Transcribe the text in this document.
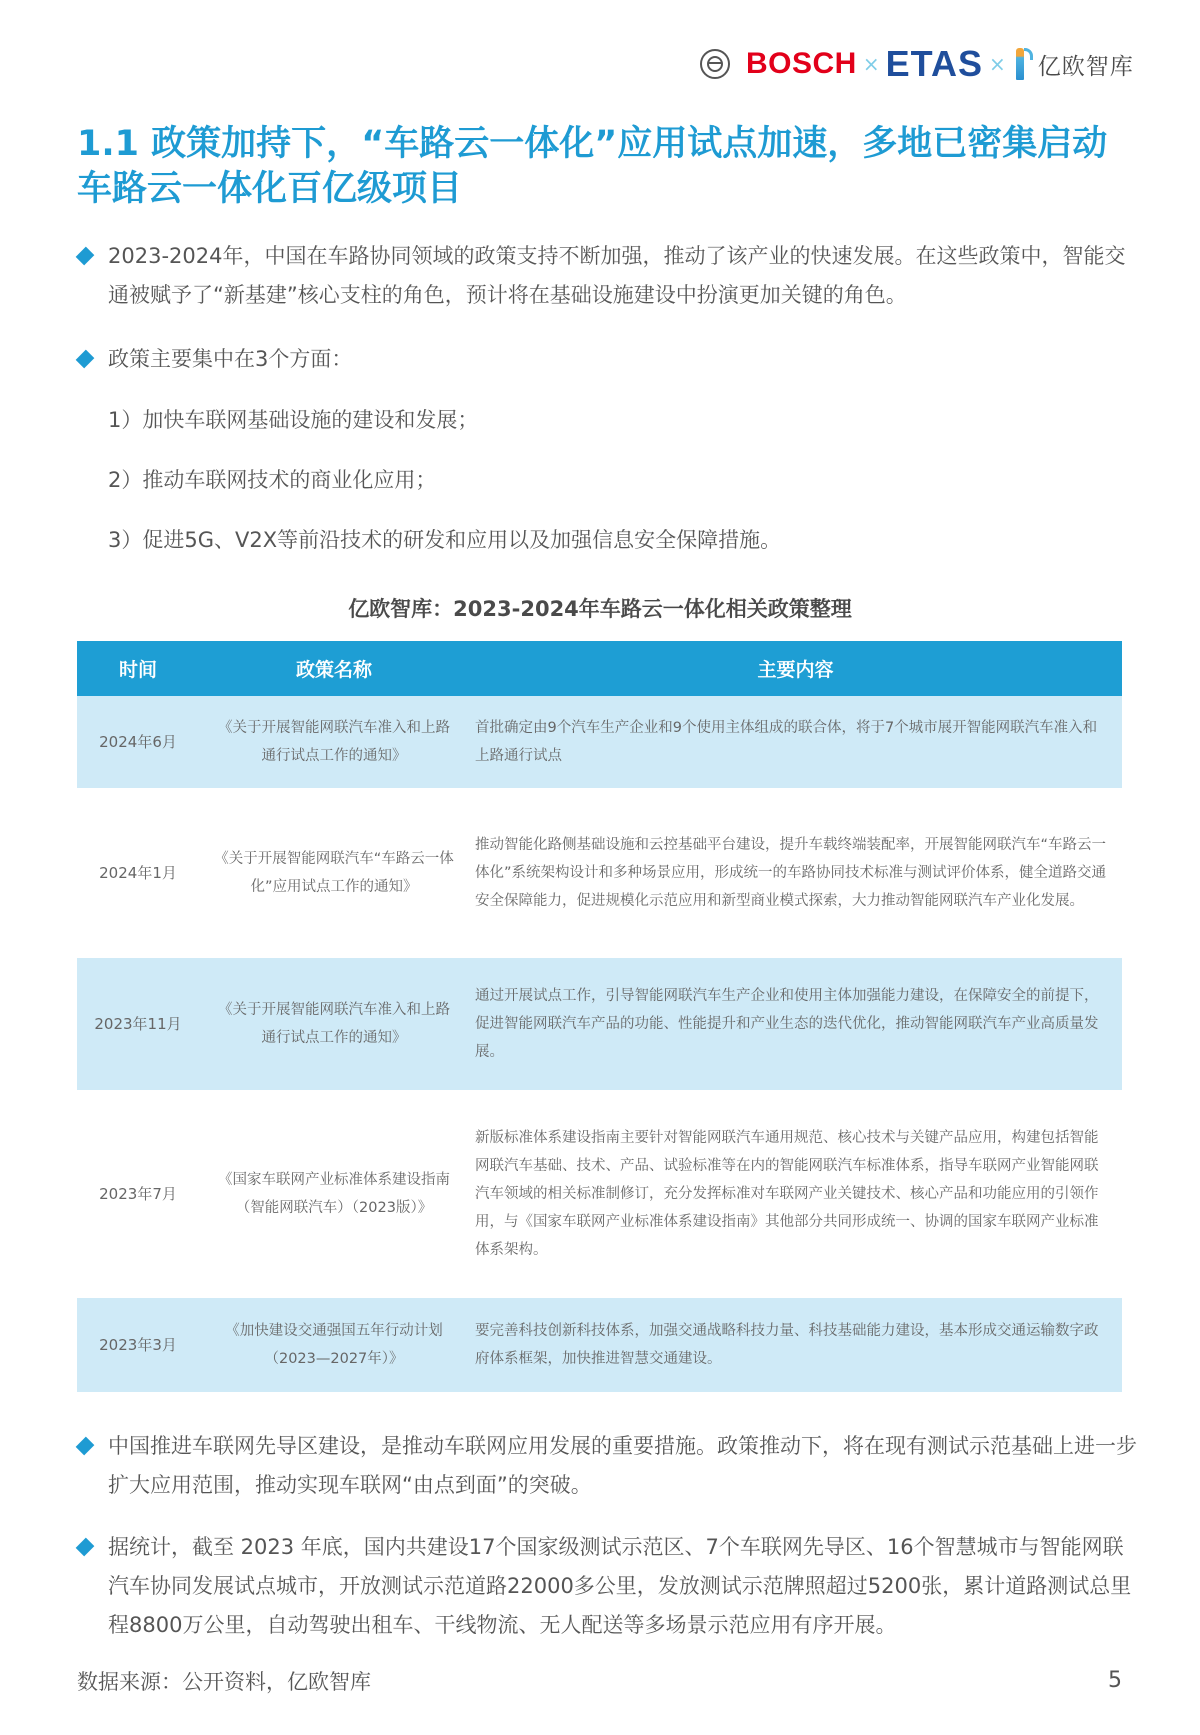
BOSCH × ETAS × 亿欧智库
1.1 政策加持下，“车路云一体化”应用试点加速，多地已密集启动车路云一体化百亿级项目
2023-2024年，中国在车路协同领域的政策支持不断加强，推动了该产业的快速发展。在这些政策中，智能交通被赋予了“新基建”核心支柱的角色，预计将在基础设施建设中扮演更加关键的角色。
政策主要集中在3个方面：
1）加快车联网基础设施的建设和发展；
2）推动车联网技术的商业化应用；
3）促进5G、V2X等前沿技术的研发和应用以及加强信息安全保障措施。
亿欧智库：2023-2024年车路云一体化相关政策整理
时间	政策名称	主要内容
2024年6月	《关于开展智能网联汽车准入和上路通行试点工作的通知》	首批确定由9个汽车生产企业和9个使用主体组成的联合体，将于7个城市展开智能网联汽车准入和上路通行试点
2024年1月	《关于开展智能网联汽车“车路云一体化”应用试点工作的通知》	推动智能化路侧基础设施和云控基础平台建设，提升车载终端装配率，开展智能网联汽车“车路云一体化”系统架构设计和多种场景应用，形成统一的车路协同技术标准与测试评价体系，健全道路交通安全保障能力，促进规模化示范应用和新型商业模式探索，大力推动智能网联汽车产业化发展。
2023年11月	《关于开展智能网联汽车准入和上路通行试点工作的通知》	通过开展试点工作，引导智能网联汽车生产企业和使用主体加强能力建设，在保障安全的前提下，促进智能网联汽车产品的功能、性能提升和产业生态的迭代优化，推动智能网联汽车产业高质量发展。
2023年7月	《国家车联网产业标准体系建设指南（智能网联汽车）（2023版）》	新版标准体系建设指南主要针对智能网联汽车通用规范、核心技术与关键产品应用，构建包括智能网联汽车基础、技术、产品、试验标准等在内的智能网联汽车标准体系，指导车联网产业智能网联汽车领域的相关标准制修订，充分发挥标准对车联网产业关键技术、核心产品和功能应用的引领作用，与《国家车联网产业标准体系建设指南》其他部分共同形成统一、协调的国家车联网产业标准体系架构。
2023年3月	《加快建设交通强国五年行动计划（2023—2027年）》	要完善科技创新科技体系，加强交通战略科技力量、科技基础能力建设，基本形成交通运输数字政府体系框架，加快推进智慧交通建设。
中国推进车联网先导区建设，是推动车联网应用发展的重要措施。政策推动下，将在现有测试示范基础上进一步扩大应用范围，推动实现车联网“由点到面”的突破。
据统计，截至 2023 年底，国内共建设17个国家级测试示范区、7个车联网先导区、16个智慧城市与智能网联汽车协同发展试点城市，开放测试示范道路22000多公里，发放测试示范牌照超过5200张，累计道路测试总里程8800万公里，自动驾驶出租车、干线物流、无人配送等多场景示范应用有序开展。
数据来源：公开资料，亿欧智库	5
